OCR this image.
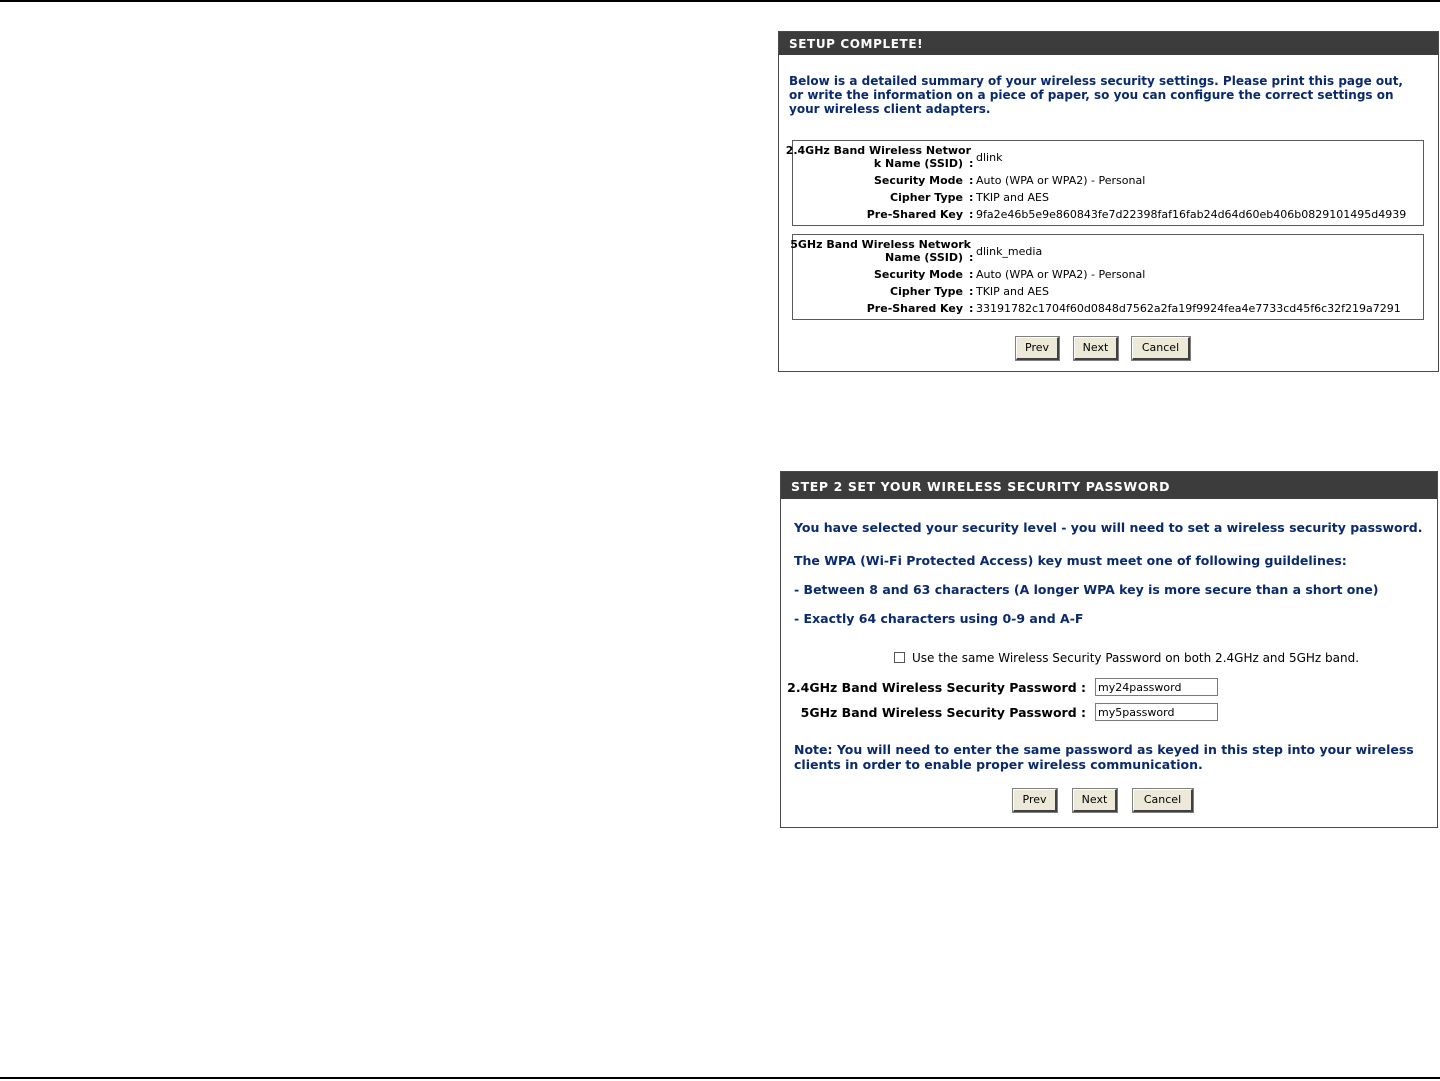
SETUP COMPLETE!
Below is a detailed summary of your wireless security settings. Please print this page out, or write the information on a piece of paper, so you can configure the correct settings on your wireless client adapters.
2.4GHz Band Wireless Networ
k Name (SSID) : dlink
Security Mode : Auto (WPA or WPA2) - Personal
Cipher Type : TKIP and AES
Pre-Shared Key : 9fa2e46b5e9e860843fe7d22398faf16fab24d64d60eb406b0829101495d4939
5GHz Band Wireless Network
Name (SSID) : dlink_media
Security Mode : Auto (WPA or WPA2) - Personal
Cipher Type : TKIP and AES
Pre-Shared Key : 33191782c1704f60d0848d7562a2fa19f9924fea4e7733cd45f6c32f219a7291
Prev	Next	Cancel
STEP 2 SET YOUR WIRELESS SECURITY PASSWORD
You have selected your security level - you will need to set a wireless security password.
The WPA (Wi-Fi Protected Access) key must meet one of following guildelines:
- Between 8 and 63 characters (A longer WPA key is more secure than a short one)
- Exactly 64 characters using 0-9 and A-F
Use the same Wireless Security Password on both 2.4GHz and 5GHz band.
2.4GHz Band Wireless Security Password :
my24password
5GHz Band Wireless Security Password :
my5password
Note: You will need to enter the same password as keyed in this step into your wireless clients in order to enable proper wireless communication.
Prev	Next	Cancel
